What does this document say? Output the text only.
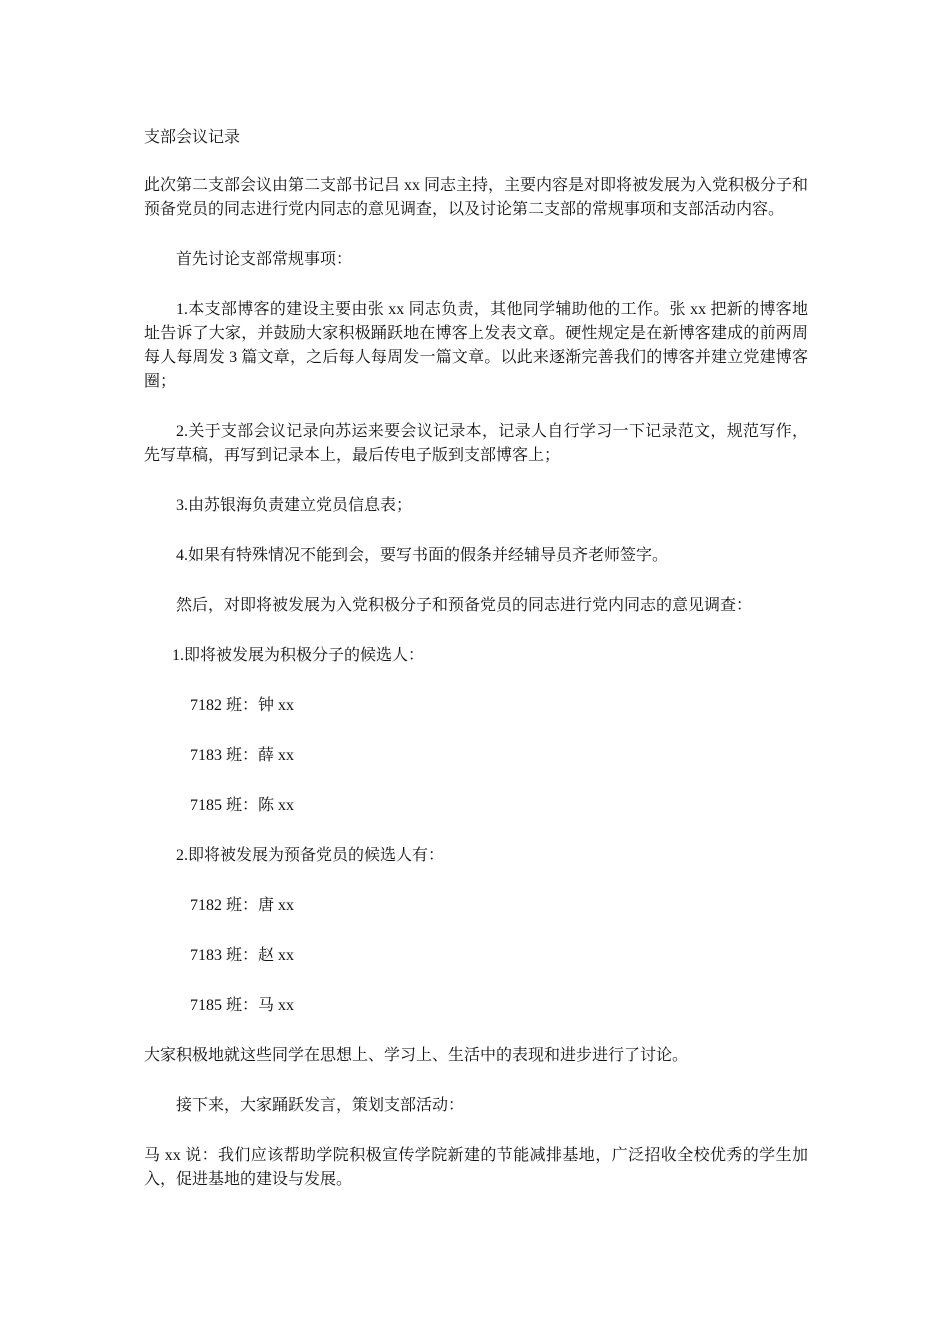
支部会议记录

此次第二支部会议由第二支部书记吕 xx 同志主持，主要内容是对即将被发展为入党积极分子和预备党员的同志进行党内同志的意见调查，以及讨论第二支部的常规事项和支部活动内容。

首先讨论支部常规事项：

1.本支部博客的建设主要由张 xx 同志负责，其他同学辅助他的工作。张 xx 把新的博客地址告诉了大家，并鼓励大家积极踊跃地在博客上发表文章。硬性规定是在新博客建成的前两周每人每周发 3 篇文章，之后每人每周发一篇文章。以此来逐渐完善我们的博客并建立党建博客圈；

2.关于支部会议记录向苏运来要会议记录本，记录人自行学习一下记录范文，规范写作，先写草稿，再写到记录本上，最后传电子版到支部博客上；

3.由苏银海负责建立党员信息表；

4.如果有特殊情况不能到会，要写书面的假条并经辅导员齐老师签字。

然后，对即将被发展为入党积极分子和预备党员的同志进行党内同志的意见调查：

1.即将被发展为积极分子的候选人：

7182 班：钟 xx

7183 班：薛 xx

7185 班：陈 xx

2.即将被发展为预备党员的候选人有：

7182 班：唐 xx

7183 班：赵 xx

7185 班：马 xx

大家积极地就这些同学在思想上、学习上、生活中的表现和进步进行了讨论。

接下来，大家踊跃发言，策划支部活动：

马 xx 说：我们应该帮助学院积极宣传学院新建的节能减排基地，广泛招收全校优秀的学生加入，促进基地的建设与发展。
